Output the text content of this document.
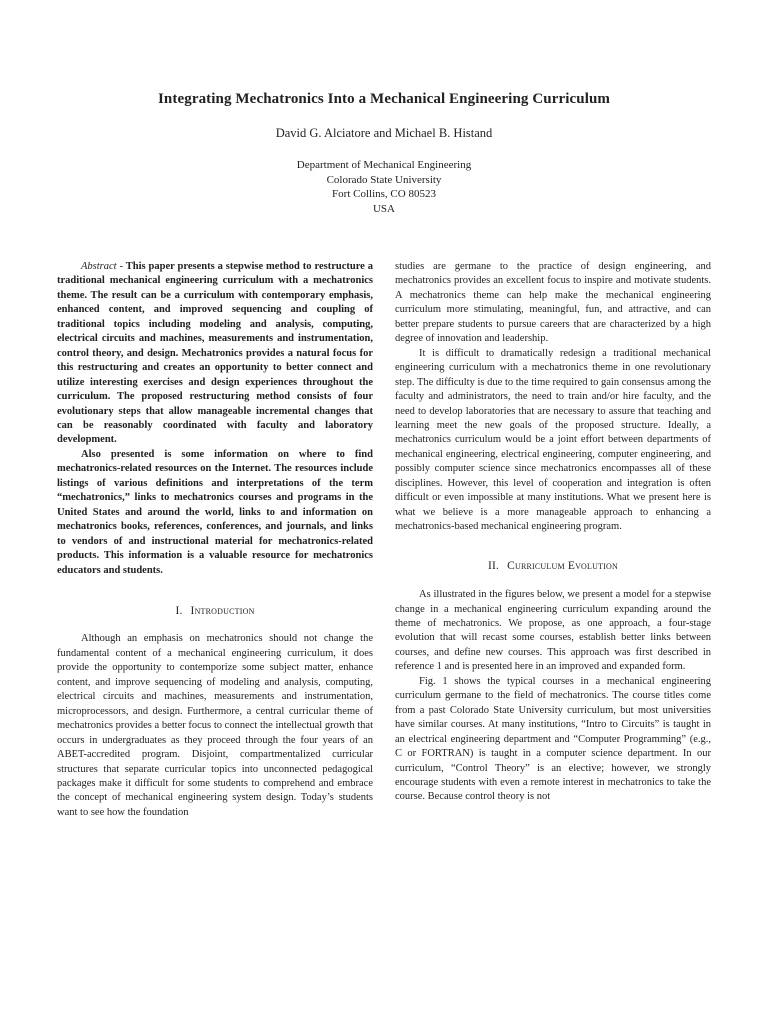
Integrating Mechatronics Into a Mechanical Engineering Curriculum
David G. Alciatore and Michael B. Histand
Department of Mechanical Engineering
Colorado State University
Fort Collins, CO 80523
USA

Abstract - This paper presents a stepwise method to restructure a traditional mechanical engineering curriculum with a mechatronics theme. The result can be a curriculum with contemporary emphasis, enhanced content, and improved sequencing and coupling of traditional topics including modeling and analysis, computing, electrical circuits and machines, measurements and instrumentation, control theory, and design. Mechatronics provides a natural focus for this restructuring and creates an opportunity to better connect and utilize interesting exercises and design experiences throughout the curriculum. The proposed restructuring method consists of four evolutionary steps that allow manageable incremental changes that can be reasonably coordinated with faculty and laboratory development.

Also presented is some information on where to find mechatronics-related resources on the Internet. The resources include listings of various definitions and interpretations of the term “mechatronics,” links to mechatronics courses and programs in the United States and around the world, links to and information on mechatronics books, references, conferences, and journals, and links to vendors of and instructional material for mechatronics-related products. This information is a valuable resource for mechatronics educators and students.

I. Introduction

Although an emphasis on mechatronics should not change the fundamental content of a mechanical engineering curriculum, it does provide the opportunity to contemporize some subject matter, enhance content, and improve sequencing of modeling and analysis, computing, electrical circuits and machines, measurements and instrumentation, microprocessors, and design. Furthermore, a central curricular theme of mechatronics provides a better focus to connect the intellectual growth that occurs in undergraduates as they proceed through the four years of an ABET-accredited program. Disjoint, compartmentalized curricular structures that separate curricular topics into unconnected pedagogical packages make it difficult for some students to comprehend and embrace the concept of mechanical engineering system design. Today’s students want to see how the foundation

studies are germane to the practice of design engineering, and mechatronics provides an excellent focus to inspire and motivate students. A mechatronics theme can help make the mechanical engineering curriculum more stimulating, meaningful, fun, and attractive, and can better prepare students to pursue careers that are characterized by a high degree of innovation and leadership.

It is difficult to dramatically redesign a traditional mechanical engineering curriculum with a mechatronics theme in one revolutionary step. The difficulty is due to the time required to gain consensus among the faculty and administrators, the need to train and/or hire faculty, and the need to develop laboratories that are necessary to assure that teaching and learning meet the new goals of the proposed structure. Ideally, a mechatronics curriculum would be a joint effort between departments of mechanical engineering, electrical engineering, computer engineering, and possibly computer science since mechatronics encompasses all of these disciplines. However, this level of cooperation and integration is often difficult or even impossible at many institutions. What we present here is what we believe is a more manageable approach to enhancing a mechatronics-based mechanical engineering program.

II. Curriculum Evolution

As illustrated in the figures below, we present a model for a stepwise change in a mechanical engineering curriculum expanding around the theme of mechatronics. We propose, as one approach, a four-stage evolution that will recast some courses, establish better links between courses, and define new courses. This approach was first described in reference 1 and is presented here in an improved and expanded form.

Fig. 1 shows the typical courses in a mechanical engineering curriculum germane to the field of mechatronics. The course titles come from a past Colorado State University curriculum, but most universities have similar courses. At many institutions, “Intro to Circuits” is taught in an electrical engineering department and “Computer Programming” (e.g., C or FORTRAN) is taught in a computer science department. In our curriculum, “Control Theory” is an elective; however, we strongly encourage students with even a remote interest in mechatronics to take the course. Because control theory is not
